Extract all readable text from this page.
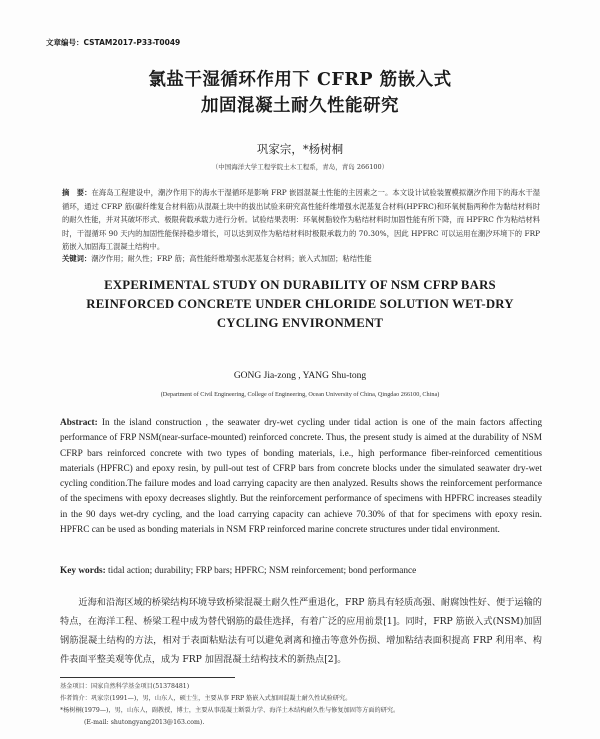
文章编号：CSTAM2017-P33-T0049
氯盐干湿循环作用下 CFRP 筋嵌入式
加固混凝土耐久性能研究
巩家宗，*杨树桐
（中国海洋大学工程学院土木工程系，青岛，青岛 266100）
摘　要：在海岛工程建设中，潮汐作用下的海水干湿循环是影响 FRP 嵌固混凝土性能的主因素之一。本文设计试验装置模拟潮汐作用下的海水干湿循环，通过 CFRP 筋(碳纤维复合材料筋)从混凝土块中的拔出试验来研究高性能纤维增强水泥基复合材料(HPFRC)和环氧树脂两种作为黏结材料时的耐久性能，并对其破坏形式、极限荷载承载力进行分析。试验结果表明：环氧树脂较作为粘结材料时加固性能有所下降，而 HPFRC 作为粘结材料时，干湿循环 90 天内的加固性能保持稳步增长，可以达到双作为粘结材料时极限承载力的 70.30%，因此 HPFRC 可以运用在潮汐环境下的 FRP 筋嵌入加固海工混凝土结构中。
关键词：潮汐作用；耐久性；FRP 筋；高性能纤维增强水泥基复合材料；嵌入式加固；粘结性能
EXPERIMENTAL STUDY ON DURABILITY OF NSM CFRP BARS
REINFORCED CONCRETE UNDER CHLORIDE SOLUTION WET-DRY
CYCLING ENVIRONMENT
GONG Jia-zong , YANG Shu-tong
(Department of Civil Engineering, College of Engineering, Ocean University of China, Qingdao 266100, China)
Abstract: In the island construction , the seawater dry-wet cycling under tidal action is one of the main factors affecting performance of FRP NSM(near-surface-mounted) reinforced concrete. Thus, the present study is aimed at the durability of NSM CFRP bars reinforced concrete with two types of bonding materials, i.e., high performance fiber-reinforced cementitious materials (HPFRC) and epoxy resin, by pull-out test of CFRP bars from concrete blocks under the simulated seawater dry-wet cycling condition.The failure modes and load carrying capacity are then analyzed. Results shows the reinforcement performance of the specimens with epoxy decreases slightly. But the reinforcement performance of specimens with HPFRC increases steadily in the 90 days wet-dry cycling, and the load carrying capacity can achieve 70.30% of that for specimens with epoxy resin. HPFRC can be used as bonding materials in NSM FRP reinforced marine concrete structures under tidal environment.
Key words: tidal action; durability; FRP bars; HPFRC; NSM reinforcement; bond performance
近海和沿海区域的桥梁结构环境导致桥梁混凝土耐久性严重退化，FRP 筋具有轻质高强、耐腐蚀性好、便于运输的特点，在海洋工程、桥梁工程中成为替代钢筋的最佳选择，有着广泛的应用前景[1]。同时，FRP 筋嵌入式(NSM)加固钢筋混凝土结构的方法，相对于表面粘贴法有可以避免剥离和撞击等意外伤损、增加粘结表面积提高 FRP 利用率、构件表面平整美观等优点，成为 FRP 加固混凝土结构技术的新热点[2]。
基金项目：国家自然科学基金项目(51378481)
作者简介：巩家宗(1991—)，男，山东人，硕士生，主要从事 FRP 筋嵌入式加固混凝土耐久性试验研究。
*杨树桐(1979—)，男，山东人，副教授，博士，主要从事混凝土断裂力学、海洋土木结构耐久性与修复加固等方面的研究。
(E-mail: shutongyang2013@163.com).
